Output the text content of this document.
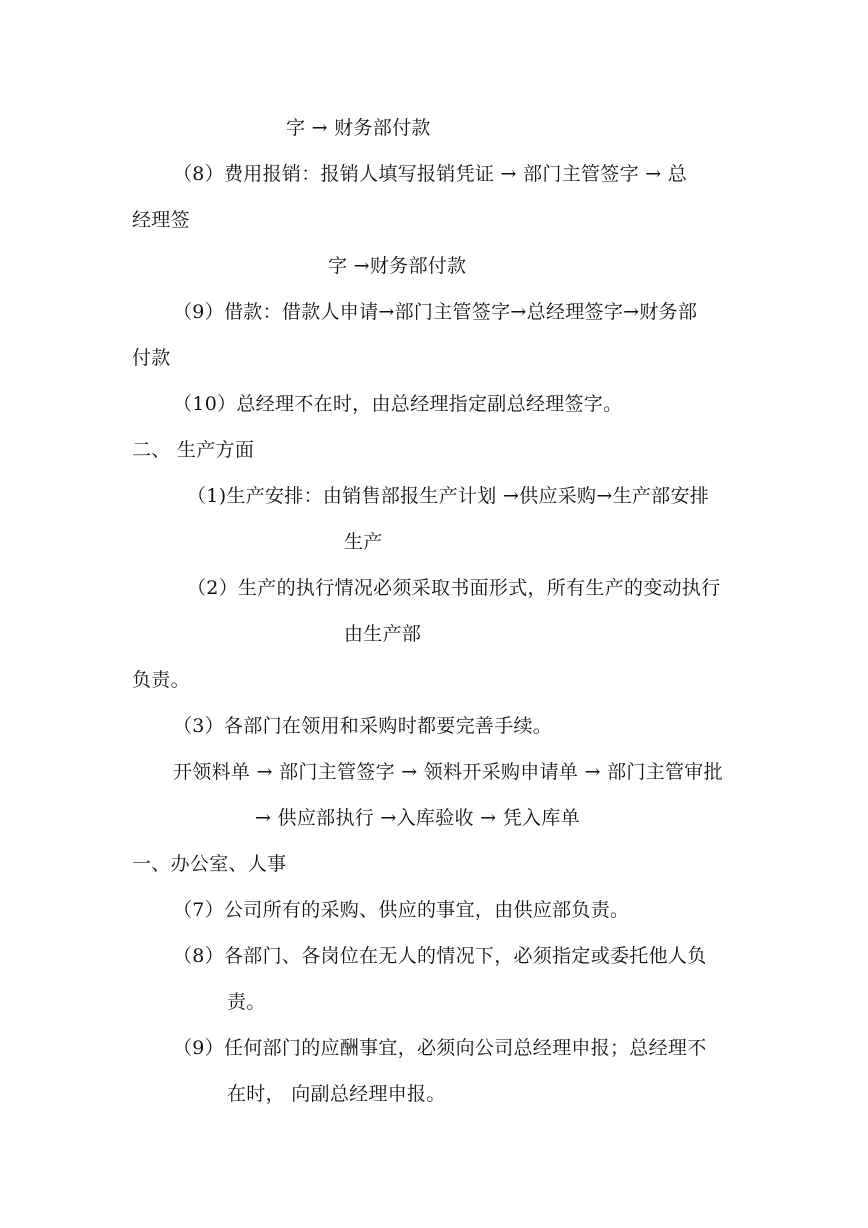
字 → 财务部付款
（8）费用报销：报销人填写报销凭证 → 部门主管签字 → 总
经理签
字 →财务部付款
（9）借款：借款人申请→部门主管签字→总经理签字→财务部
付款
（10）总经理不在时，由总经理指定副总经理签字。
二、 生产方面
（1)生产安排：由销售部报生产计划 →供应采购→生产部安排
生产
（2）生产的执行情况必须采取书面形式，所有生产的变动执行
由生产部
负责。
（3）各部门在领用和采购时都要完善手续。
开领料单 → 部门主管签字 → 领料开采购申请单 → 部门主管审批
→ 供应部执行 →入库验收 → 凭入库单
一、办公室、人事
（7）公司所有的采购、供应的事宜，由供应部负责。
（8）各部门、各岗位在无人的情况下，必须指定或委托他人负
责。
（9）任何部门的应酬事宜，必须向公司总经理申报；总经理不
在时， 向副总经理申报。
